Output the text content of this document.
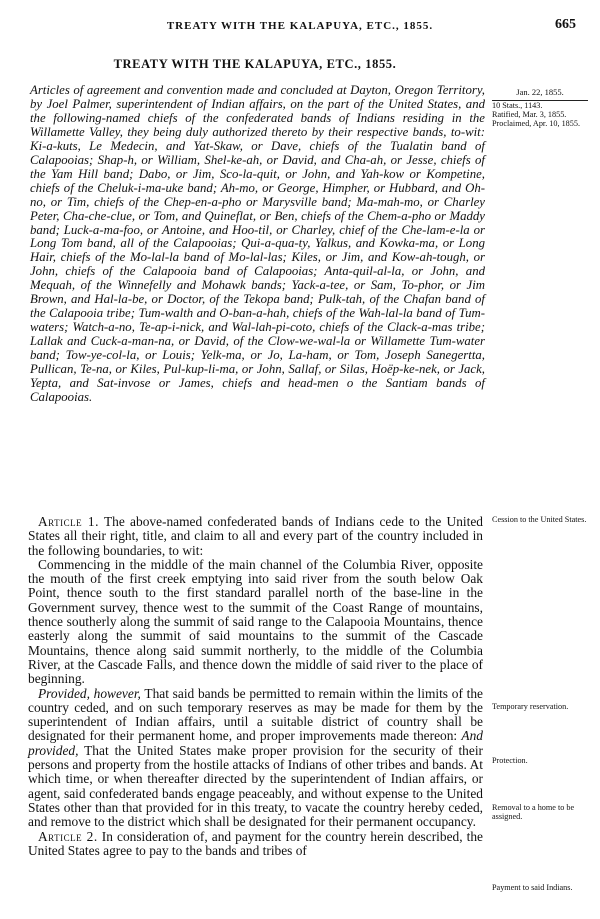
TREATY WITH THE KALAPUYA, ETC., 1855.	665
TREATY WITH THE KALAPUYA, ETC., 1855.
Articles of agreement and convention made and concluded at Dayton, Oregon Territory, by Joel Palmer, superintendent of Indian affairs, on the part of the United States, and the following-named chiefs of the confederated bands of Indians residing in the Willamette Valley, they being duly authorized thereto by their respective bands, to-wit: Ki-a-kuts, Le Medecin, and Yat-Skaw, or Dave, chiefs of the Tualatin band of Calapooias; Shap-h, or William, Shel-ke-ah, or David, and Cha-ah, or Jesse, chiefs of the Yam Hill band; Dabo, or Jim, Sco-la-quit, or John, and Yah-kow or Kompetine, chiefs of the Cheluk-i-ma-uke band; Ah-mo, or George, Himpher, or Hubbard, and Oh-no, or Tim, chiefs of the Chep-en-a-pho or Marysville band; Ma-mah-mo, or Charley Peter, Cha-che-clue, or Tom, and Quineflat, or Ben, chiefs of the Chem-a-pho or Maddy band; Luck-a-ma-foo, or Antoine, and Hoo-til, or Charley, chief of the Che-lam-e-la or Long Tom band, all of the Calapooias; Qui-a-qua-ty, Yalkus, and Kowka-ma, or Long Hair, chiefs of the Mo-lal-la band of Mo-lal-las; Kiles, or Jim, and Kow-ah-tough, or John, chiefs of the Calapooia band of Calapooias; Anta-quil-al-la, or John, and Mequah, of the Winnefelly and Mohawk bands; Yack-a-tee, or Sam, To-phor, or Jim Brown, and Hal-la-be, or Doctor, of the Tekopa band; Pulk-tah, of the Chafan band of the Calapooia tribe; Tum-walth and O-ban-a-hah, chiefs of the Wah-lal-la band of Tum-waters; Watch-a-no, Te-ap-i-nick, and Wal-lah-pi-coto, chiefs of the Clack-a-mas tribe; Lallak and Cuck-a-man-na, or David, of the Clow-we-wal-la or Willamette Tum-water band; Tow-ye-col-la, or Louis; Yelk-ma, or Jo, La-ham, or Tom, Joseph Sanegertta, Pullican, Te-na, or Kiles, Pul-kup-li-ma, or John, Sallaf, or Silas, Hoëp-ke-nek, or Jack, Yepta, and Sat-invose or James, chiefs and head-men o the Santiam bands of Calapooias.
Jan. 22, 1855.
10 Stats., 1143.
Ratified, Mar. 3, 1855.
Proclaimed, Apr. 10, 1855.
Cession to the United States.
Temporary reservation.
Protection.
Removal to a home to be assigned.
Payment to said Indians.

Article 1. The above-named confederated bands of Indians cede to the United States all their right, title, and claim to all and every part of the country included in the following boundaries, to wit:

Commencing in the middle of the main channel of the Columbia River, opposite the mouth of the first creek emptying into said river from the south below Oak Point, thence south to the first standard parallel north of the base-line in the Government survey, thence west to the summit of the Coast Range of mountains, thence southerly along the summit of said range to the Calapooia Mountains, thence easterly along the summit of said mountains to the summit of the Cascade Mountains, thence along said summit northerly, to the middle of the Columbia River, at the Cascade Falls, and thence down the middle of said river to the place of beginning.

Provided, however, That said bands be permitted to remain within the limits of the country ceded, and on such temporary reserves as may be made for them by the superintendent of Indian affairs, until a suitable district of country shall be designated for their permanent home, and proper improvements made thereon: And provided, That the United States make proper provision for the security of their persons and property from the hostile attacks of Indians of other tribes and bands. At which time, or when thereafter directed by the superintendent of Indian affairs, or agent, said confederated bands engage peaceably, and without expense to the United States other than that provided for in this treaty, to vacate the country hereby ceded, and remove to the district which shall be designated for their permanent occupancy.

Article 2. In consideration of, and payment for the country herein described, the United States agree to pay to the bands and tribes of
